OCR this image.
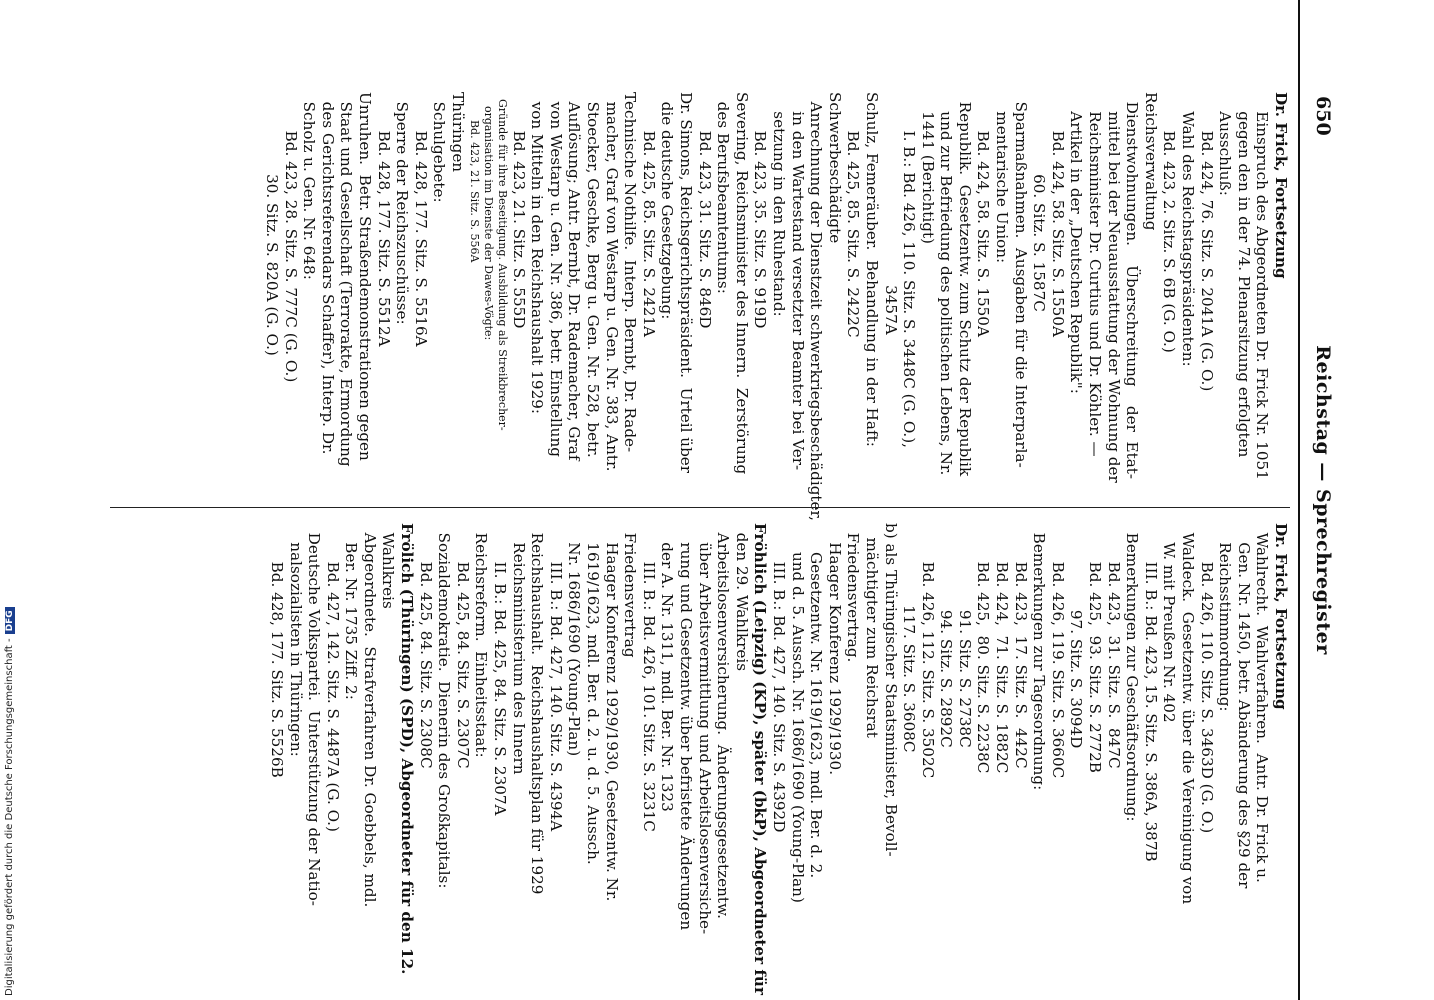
650
Reichstag — Sprechregister
Dr. Frick, Fortsetzung
Einspruch des Abgeordneten Dr. Frick Nr. 1051
gegen den in der 74. Plenarsitzung erfolgten
Ausschluß:
Bd. 424, 76. Sitz. S. 2041A (G. O.)
Wahl des Reichstagspräsidenten:
Bd. 423, 2. Sitz. S. 6B (G. O.)
Reichsverwaltung
Dienstwohnungen.    Überschreitung    der  Etat-
mittel bei der Neuausstattung der Wohnung der
Reichsminister Dr. Curtius und Dr. Köhler. —
Artikel in der „Deutschen Republik":
Bd. 424, 58. Sitz. S. 1550A
60. Sitz. S. 1587C
Sparmaßnahmen.  Ausgaben für die Interparla-
mentarische Union:
Bd. 424, 58. Sitz. S. 1550A
Republik.  Gesetzentw. zum Schutz der Republik
und zur Befriedung des politischen Lebens, Nr.
1441 (Berichtigt)
I. B.: Bd. 426, 110. Sitz. S. 3448C (G. O.),
3457A
Schulz, Femeräuber.  Behandlung in der Haft:
Bd. 425, 85. Sitz. S. 2422C
Schwerbeschädigte
Anrechnung der Dienstzeit schwerkriegsbeschädigter,
in den Wartestand versetzter Beamter bei Ver-
setzung in den Ruhestand:
Bd. 423, 35. Sitz. S. 919D
Severing, Reichsminister des Innern.  Zerstörung
des Berufsbeamtentums:
Bd. 423, 31. Sitz. S. 846D
Dr. Simons, Reichsgerichtspräsident.  Urteil über
die deutsche Gesetzgebung:
Bd. 425, 85. Sitz. S. 2421A
Technische Nothilfe.  Interp. Bernbt, Dr. Rade-
macher, Graf von Westarp u. Gen. Nr. 383, Antr.
Stoecker, Geschke, Berg u. Gen. Nr. 528, betr.
Auflösung; Antr. Bernbt, Dr. Rademacher, Graf
von Westarp u. Gen. Nr. 386, betr. Einstellung
von Mitteln in den Reichshaushalt 1929:
Bd. 423, 21. Sitz. S. 555D
Gründe für ihre Beseitigung. Ausbildung als Streikbrecher-
organisation im Dienste der Dawes-Vögte:
Bd. 423, 21. Sitz. S. 556A
Thüringen
Schulgebete:
Bd. 428, 177. Sitz. S. 5516A
Sperre der Reichszuschüsse:
Bd. 428, 177. Sitz. S. 5512A
Unruhen.  Betr. Straßendemonstrationen gegen
Staat und Gesellschaft (Terrorakte, Ermordung
des Gerichtsreferendars Schaffer), Interp. Dr.
Scholz u. Gen. Nr. 648:
Bd. 423, 28. Sitz. S. 777C (G. O.)
30. Sitz. S. 820A (G. O.)
Dr. Frick, Fortsetzung
Wahlrecht.  Wahlverfahren.  Antr. Dr. Frick u.
Gen. Nr. 1450, betr. Abänderung des §29 der
Reichsstimmordnung:
Bd. 426, 110. Sitz. S. 3463D (G. O.)
Waldeck.  Gesetzentw. über die Vereinigung von
W. mit Preußen Nr. 402
III. B.: Bd. 423, 15. Sitz. S. 386A, 387B
Bemerkungen zur Geschäftsordnung:
Bd. 423,  31. Sitz. S.  847C
Bd. 425,  93. Sitz. S. 2772B
97. Sitz. S. 3094D
Bd. 426, 119. Sitz. S. 3660C
Bemerkungen zur Tagesordnung:
Bd. 423,  17. Sitz. S.  442C
Bd. 424,  71. Sitz. S. 1882C
Bd. 425,  80. Sitz. S. 2238C
91. Sitz. S. 2738C
94. Sitz. S. 2892C
Bd. 426, 112. Sitz. S. 3502C
117. Sitz. S. 3608C
b) als Thüringischer Staatsminister, Bevoll-
mächtigter zum Reichsrat
Friedensvertrag.
Haager Konferenz 1929/1930.
Gesetzentw. Nr. 1619/1623, mdl. Ber. d. 2.
und d. 5. Aussch. Nr. 1686/1690 (Young-Plan)
III. B.: Bd. 427, 140. Sitz. S. 4392D
Fröhlich (Leipzig) (KP), später (bkP), Abgeordneter für
den 29. Wahlkreis
Arbeitslosenversicherung.  Änderungsgesetzentw.
über Arbeitsvermittlung und Arbeitslosenversiche-
rung und Gesetzentw. über befristete Änderungen
der A. Nr. 1311, mdl. Ber. Nr. 1323
III. B.: Bd. 426, 101. Sitz. S. 3231C
Friedensvertrag
Haager Konferenz 1929/1930, Gesetzentw. Nr.
1619/1623, mdl. Ber. d. 2. u. d. 5. Aussch.
Nr. 1686/1690 (Young-Plan)
III. B.: Bd. 427, 140. Sitz. S. 4394A
Reichshaushalt.  Reichshaushaltsplan für 1929
Reichsministerium des Innern
II. B.: Bd. 425, 84. Sitz. S. 2307A
Reichsreform.  Einheitsstaat:
Bd. 425, 84. Sitz. S. 2307C
Sozialdemokratie.  Dienerin des Großkapitals:
Bd. 425, 84. Sitz. S. 2308C
Frölich (Thüringen) (SPD), Abgeordneter für den 12.
Wahlkreis
Abgeordnete.  Strafverfahren Dr. Goebbels, mdl.
Ber. Nr. 1735 Ziff. 2:
Bd. 427, 142. Sitz. S. 4487A (G. O.)
Deutsche Volkspartei.  Unterstützung der Natio-
nalsozialisten in Thüringen:
Bd. 428, 177. Sitz. S. 5526B
Digitalisierung gefördert durch die Deutsche Forschungsgemeinschaft -DFG
